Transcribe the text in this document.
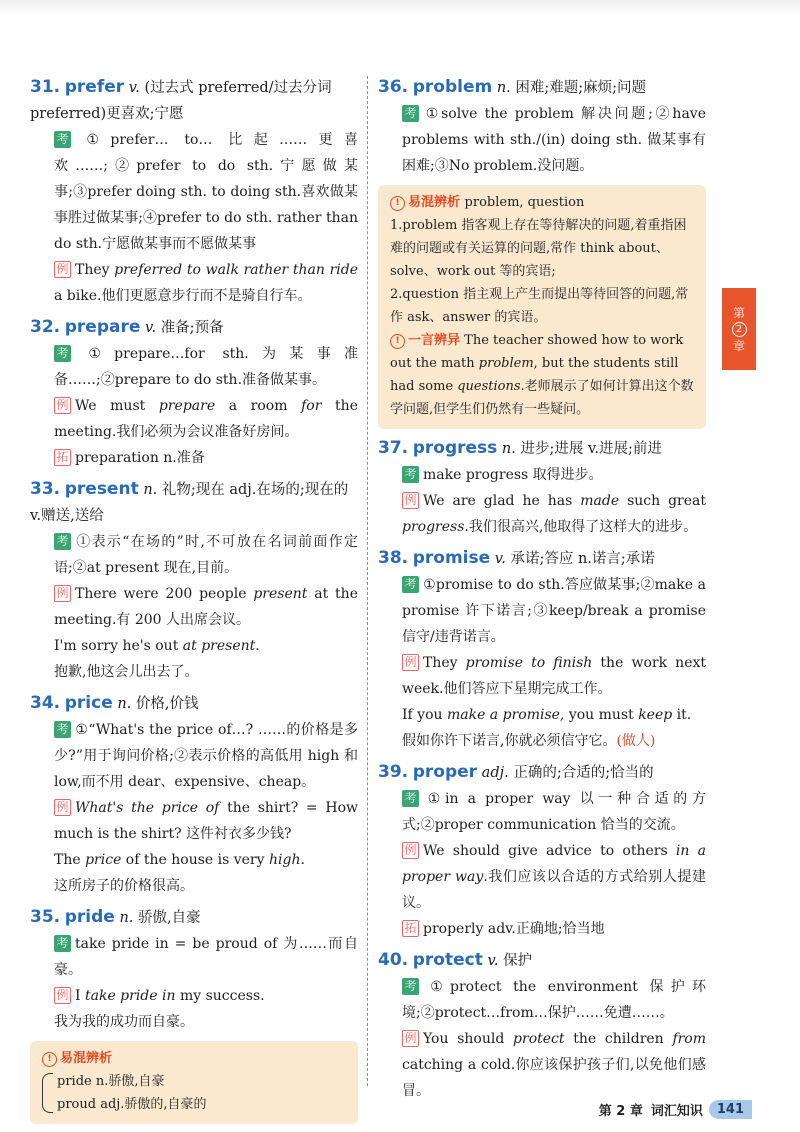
31. prefer v. (过去式 preferred/过去分词 preferred)更喜欢;宁愿

考 ①prefer… to… 比起……更喜欢……;②prefer to do sth.宁愿做某事;③prefer doing sth. to doing sth.喜欢做某事胜过做某事;④prefer to do sth. rather than do sth.宁愿做某事而不愿做某事

例 They preferred to walk rather than ride a bike.他们更愿意步行而不是骑自行车。

32. prepare v. 准备;预备

考 ①prepare…for sth.为某事准备……;②prepare to do sth.准备做某事。

例 We must prepare a room for the meeting.我们必须为会议准备好房间。

拓 preparation n.准备

33. present n. 礼物;现在 adj.在场的;现在的 v.赠送,送给

考 ①表示“在场的”时,不可放在名词前面作定语;②at present 现在,目前。

例 There were 200 people present at the meeting.有 200 人出席会议。

I'm sorry he's out at present.

抱歉,他这会儿出去了。

34. price n. 价格,价钱

考 ①“What's the price of…? ……的价格是多少?”用于询问价格;②表示价格的高低用 high 和 low,而不用 dear、expensive、cheap。

例 What's the price of the shirt? = How much is the shirt? 这件衬衣多少钱?

The price of the house is very high.

这所房子的价格很高。

35. pride n. 骄傲,自豪

考 take pride in = be proud of 为……而自豪。

例 I take pride in my success.

我为我的成功而自豪。

! 易混辨析

pride n.骄傲,自豪

proud adj.骄傲的,自豪的

36. problem n. 困难;难题;麻烦;问题

考 ①solve the problem 解决问题;②have problems with sth./(in) doing sth. 做某事有困难;③No problem.没问题。

! 易混辨析 problem, question

1.problem 指客观上存在等待解决的问题,着重指困难的问题或有关运算的问题,常作 think about、solve、work out 等的宾语;

2.question 指主观上产生而提出等待回答的问题,常作 ask、answer 的宾语。

! 一言辨异 The teacher showed how to work out the math problem, but the students still had some questions.老师展示了如何计算出这个数学问题,但学生们仍然有一些疑问。

37. progress n. 进步;进展 v.进展;前进

考 make progress 取得进步。

例 We are glad he has made such great progress.我们很高兴,他取得了这样大的进步。

38. promise v. 承诺;答应 n.诺言;承诺

考 ①promise to do sth.答应做某事;②make a promise 许下诺言;③keep/break a promise 信守/违背诺言。

例 They promise to finish the work next week.他们答应下星期完成工作。

If you make a promise, you must keep it.

假如你许下诺言,你就必须信守它。(做人)

39. proper adj. 正确的;合适的;恰当的

考 ①in a proper way 以一种合适的方式;②proper communication 恰当的交流。

例 We should give advice to others in a proper way.我们应该以合适的方式给别人提建议。

拓 properly adv.正确地;恰当地

40. protect v. 保护

考 ①protect the environment 保护环境;②protect…from…保护……免遭……。

例 You should protect the children from catching a cold.你应该保护孩子们,以免他们感冒。

第
2
章
第 2 章 词汇知识	141
